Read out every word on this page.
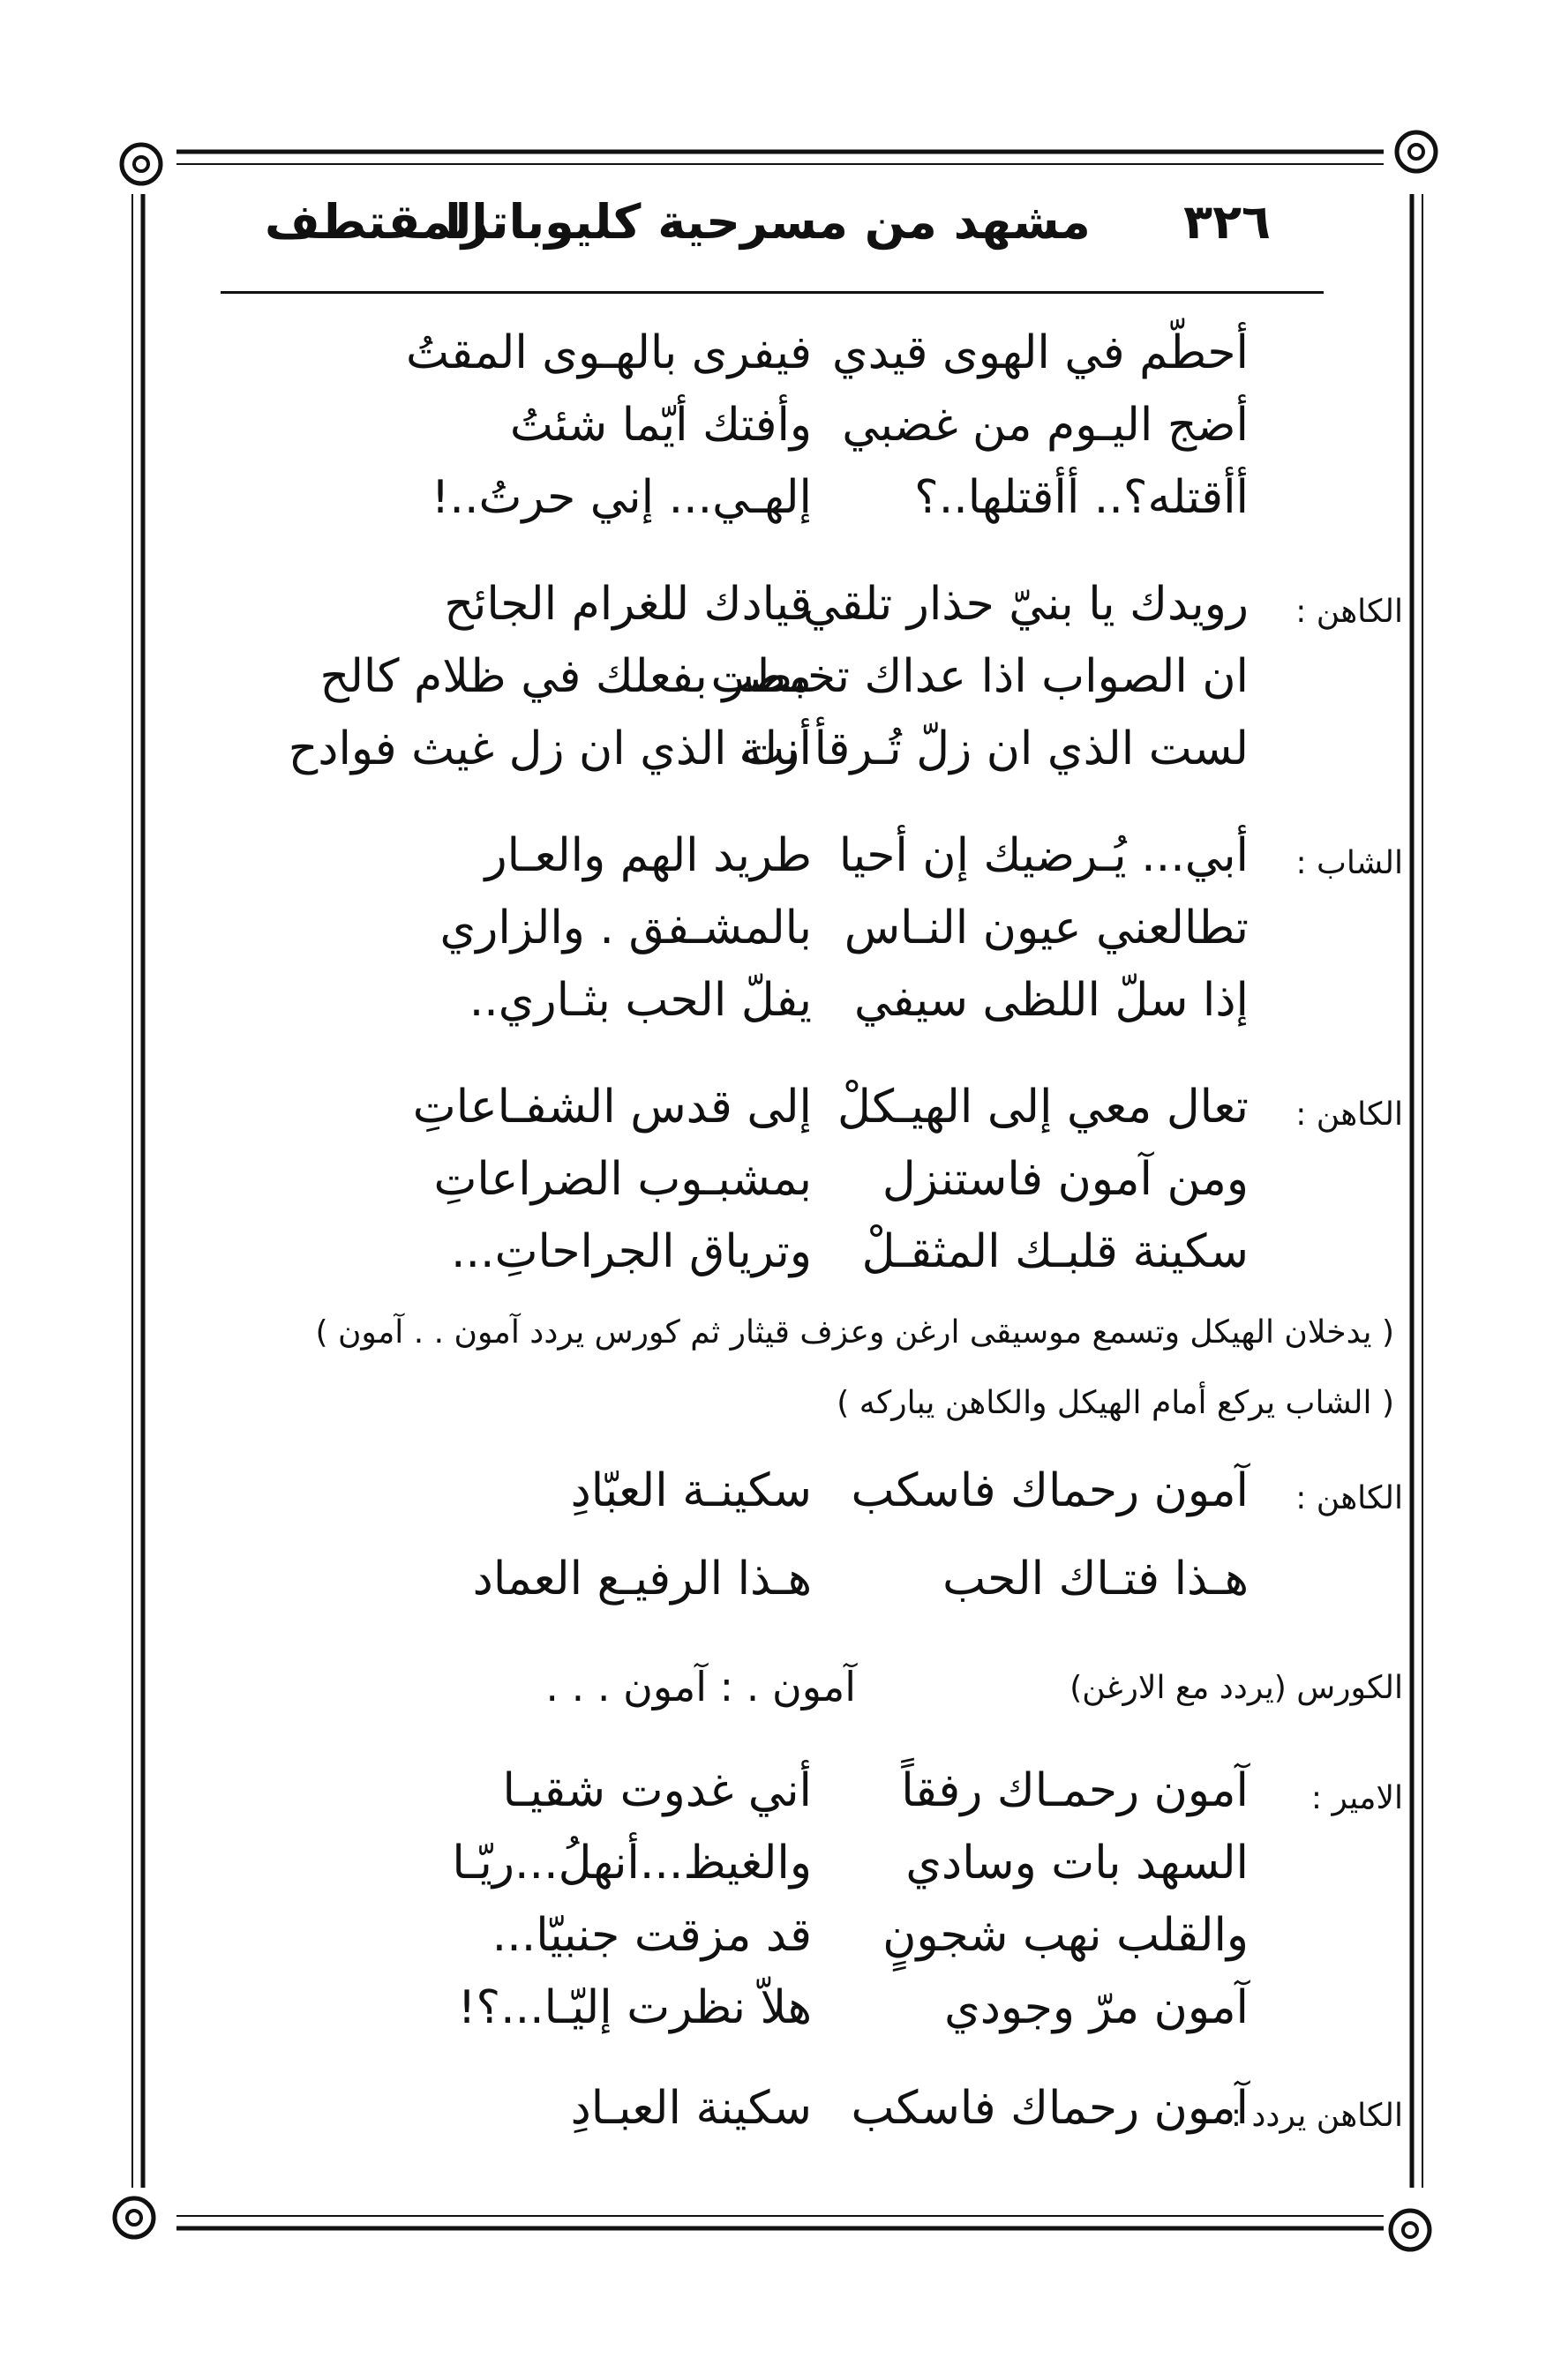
٣٢٦
مشهد من مسرحية كليوباترا
المقتطف
أحطّم في الهوى قيدي
فيفرى بالهـوى المقتُ
أضج اليـوم من غضبي
وأفتك أيّما شئتُ
أأقتله؟.. أأقتلها..؟
إلهـي... إني حرتُ..!
الكاهن :
رويدك يا بنيّ حذار تلقي
قيادك للغرام الجائح
ان الصواب اذا عداك تخبطت
مصر بفعلك في ظلام كالح
لست الذي ان زلّ تُـرقأ زلة
أنت الذي ان زل غيث فوادح
الشاب :
أبي... يُـرضيك إن أحيا
طريد الهم والعـار
تطالعني عيون النـاس
بالمشـفق . والزاري
إذا سلّ اللظى سيفي
يفلّ الحب بثـاري..
الكاهن :
تعال معي إلى الهيـكلْ
إلى قدس الشفـاعاتِ
ومن آمون فاستنزل
بمشبـوب الضراعاتِ
سكينة قلبـك المثقـلْ
وترياق الجراحاتِ...
( يدخلان الهيكل وتسمع موسيقى ارغن وعزف قيثار ثم كورس يردد آمون . . آمون )
( الشاب يركع أمام الهيكل والكاهن يباركه )
الكاهن :
آمون رحماك فاسكب
سكينـة العبّادِ
هـذا فتـاك الحب
هـذا الرفيـع العماد
الكورس (يردد مع الارغن)
آمون . : آمون . . .
الامير :
آمون رحمـاك رفقاً
أني غدوت شقيـا
السهد بات وسادي
والغيظ...أنهلُ...ريّـا
والقلب نهب شجونٍ
قد مزقت جنبيّا...
آمون مرّ وجودي
هلاّ نظرت إليّـا...؟!
الكاهن يردد :
آمون رحماك فاسكب
سكينة العبـادِ
